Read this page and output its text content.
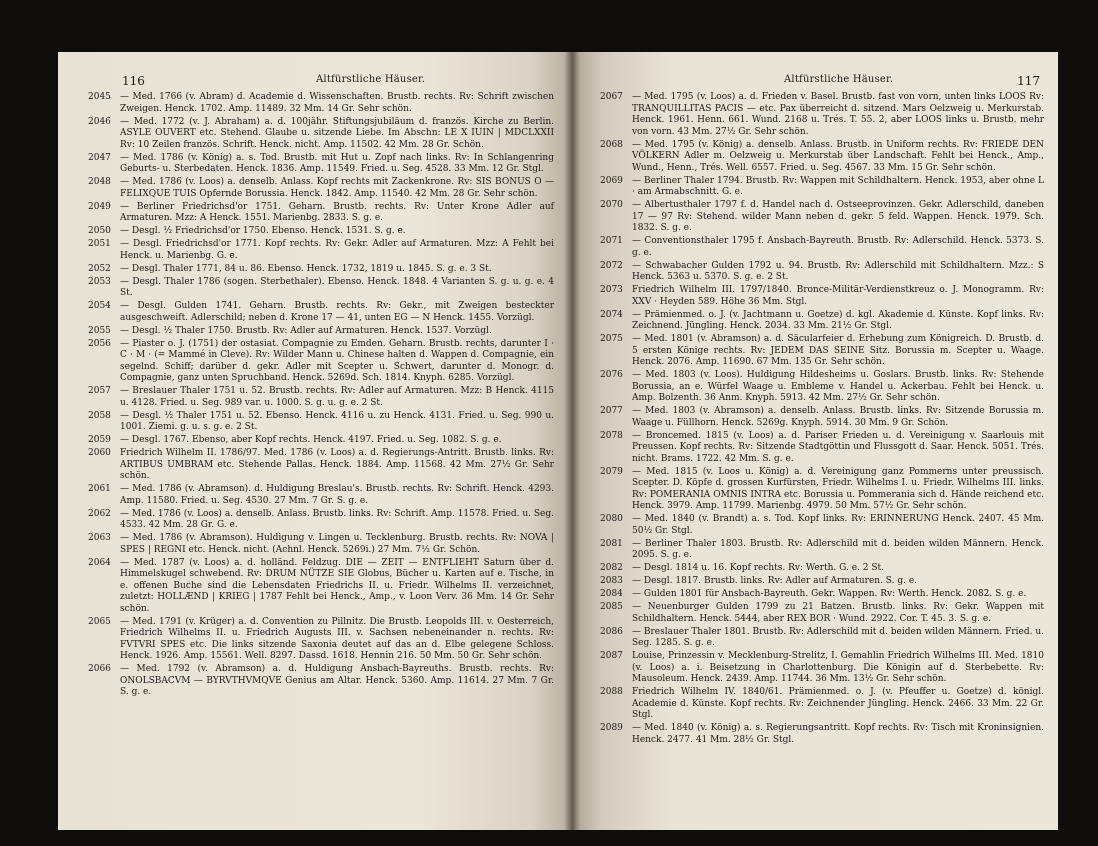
116	Altfürstliche Häuser.
2045 — Med. 1766 (v. Abram) d. Academie d. Wissenschaften. Brustb. rechts. Rv: Schrift zwischen Zweigen. Henck. 1702. Amp. 11489. 32 Mm. 14 Gr. Sehr schön.
2046 — Med. 1772 (v. J. Abraham) a. d. 100jähr. Stiftungsjubiläum d. französ. Kirche zu Berlin. ASYLE OUVERT etc. Stehend. Glaube u. sitzende Liebe. Im Abschn: LE X IUIN | MDCLXXII Rv: 10 Zeilen französ. Schrift. Henck. nicht. Amp. 11502. 42 Mm. 28 Gr. Schön.
2047 — Med. 1786 (v. König) a. s. Tod. Brustb. mit Hut u. Zopf nach links. Rv: In Schlangenring Geburts- u. Sterbedaten. Henck. 1836. Amp. 11549. Fried. u. Seg. 4528. 33 Mm. 12 Gr. Stgl.
2048 — Med. 1786 (v. Loos) a. denselb. Anlass. Kopf rechts mit Zackenkrone. Rv: SIS BONUS O — FELIXQUE TUIS Opfernde Borussia. Henck. 1842. Amp. 11540. 42 Mm. 28 Gr. Sehr schön.
2049 — Berliner Friedrichsd'or 1751. Geharn. Brustb. rechts. Rv: Unter Krone Adler auf Armaturen. Mzz: A Henck. 1551. Marienbg. 2833. S. g. e.
2050 — Desgl. ½ Friedrichsd'or 1750. Ebenso. Henck. 1531. S. g. e.
2051 — Desgl. Friedrichsd'or 1771. Kopf rechts. Rv: Gekr. Adler auf Armaturen. Mzz: A Fehlt bei Henck. u. Marienbg. G. e.
2052 — Desgl. Thaler 1771, 84 u. 86. Ebenso. Henck. 1732, 1819 u. 1845. S. g. e. 3 St.
2053 — Desgl. Thaler 1786 (sogen. Sterbethaler). Ebenso. Henck. 1848. 4 Varianten S. g. u. g. e. 4 St.
2054 — Desgl. Gulden 1741. Geharn. Brustb. rechts. Rv: Gekr., mit Zweigen besteckter ausgeschweift. Adlerschild; neben d. Krone 17 — 41, unten EG — N Henck. 1455. Vorzügl.
2055 — Desgl. ½ Thaler 1750. Brustb. Rv: Adler auf Armaturen. Henck. 1537. Vorzügl.
2056 — Piaster o. J. (1751) der ostasiat. Compagnie zu Emden. Geharn. Brustb. rechts, darunter I · C · M · (= Mammé in Cleve). Rv: Wilder Mann u. Chinese halten d. Wappen d. Compagnie, ein segelnd. Schiff; darüber d. gekr. Adler mit Scepter u. Schwert, darunter d. Monogr. d. Compagnie, ganz unten Spruchband. Henck. 5269d. Sch. 1814. Knyph. 6285. Vorzügl.
2057 — Breslauer Thaler 1751 u. 52. Brustb. rechts. Rv: Adler auf Armaturen. Mzz: B Henck. 4115 u. 4128. Fried. u. Seg. 989 var. u. 1000. S. g. u. g. e. 2 St.
2058 — Desgl. ½ Thaler 1751 u. 52. Ebenso. Henck. 4116 u. zu Henck. 4131. Fried. u. Seg. 990 u. 1001. Ziemi. g. u. s. g. e. 2 St.
2059 — Desgl. 1767. Ebenso, aber Kopf rechts. Henck. 4197. Fried. u. Seg. 1082. S. g. e.
2060 Friedrich Wilhelm II. 1786/97. Med. 1786 (v. Loos) a. d. Regierungs-Antritt. Brustb. links. Rv: ARTIBUS UMBRAM etc. Stehende Pallas. Henck. 1884. Amp. 11568. 42 Mm. 27½ Gr. Sehr schön.
2061 — Med. 1786 (v. Abramson). d. Huldigung Breslau's. Brustb. rechts. Rv: Schrift. Henck. 4293. Amp. 11580. Fried. u. Seg. 4530. 27 Mm. 7 Gr. S. g. e.
2062 — Med. 1786 (v. Loos) a. denselb. Anlass. Brustb. links. Rv: Schrift. Amp. 11578. Fried. u. Seg. 4533. 42 Mm. 28 Gr. G. e.
2063 — Med. 1786 (v. Abramson). Huldigung v. Lingen u. Tecklenburg. Brustb. rechts. Rv: NOVA | SPES | REGNI etc. Henck. nicht. (Achnl. Henck. 5269i.) 27 Mm. 7½ Gr. Schön.
2064 — Med. 1787 (v. Loos) a. d. holländ. Feldzug. DIE — ZEIT — ENTFLIEHT Saturn über d. Himmelskugel schwebend. Rv: DRUM NÜTZE SIE Globus, Bücher u. Karten auf e. Tische, in e. offenen Buche sind die Lebensdaten Friedrichs II. u. Friedr. Wilhelms II. verzeichnet, zuletzt: HOLLÆND | KRIEG | 1787 Fehlt bei Henck., Amp., v. Loon Verv. 36 Mm. 14 Gr. Sehr schön.
2065 — Med. 1791 (v. Krüger) a. d. Convention zu Pillnitz. Die Brustb. Leopolds III. v. Oesterreich, Friedrich Wilhelms II. u. Friedrich Augusts III. v. Sachsen nebeneinander n. rechts. Rv: FVTVRI SPES etc. Die links sitzende Saxonia deutet auf das an d. Elbe gelegene Schloss. Henck. 1926. Amp. 15561. Well. 8297. Dassd. 1618. Hennin 216. 50 Mm. 50 Gr. Sehr schön.
2066 — Med. 1792 (v. Abramson) a. d. Huldigung Ansbach-Bayreuths. Brustb. rechts. Rv: ONOLSBACVM — BYRVTHVMQVE Genius am Altar. Henck. 5360. Amp. 11614. 27 Mm. 7 Gr. S. g. e.
Altfürstliche Häuser.	117
2067 — Med. 1795 (v. Loos) a. d. Frieden v. Basel. Brustb. fast von vorn, unten links LOOS Rv: TRANQUILLITAS PACIS — etc. Pax überreicht d. sitzend. Mars Oelzweig u. Merkurstab. Henck. 1961. Henn. 661. Wund. 2168 u. Trés. T. 55. 2, aber LOOS links u. Brustb. mehr von vorn. 43 Mm. 27½ Gr. Sehr schön.
2068 — Med. 1795 (v. König) a. denselb. Anlass. Brustb. in Uniform rechts. Rv: FRIEDE DEN VÖLKERN Adler m. Oelzweig u. Merkurstab über Landschaft. Fehlt bei Henck., Amp., Wund., Henn., Trés. Well. 6557. Fried. u. Seg. 4567. 33 Mm. 15 Gr. Sehr schön.
2069 — Berliner Thaler 1794. Brustb. Rv: Wappen mit Schildhaltern. Henck. 1953, aber ohne L · am Armabschnitt. G. e.
2070 — Albertusthaler 1797 f. d. Handel nach d. Ostseeprovinzen. Gekr. Adlerschild, daneben 17 — 97 Rv: Stehend. wilder Mann neben d. gekr. 5 feld. Wappen. Henck. 1979. Sch. 1832. S. g. e.
2071 — Conventionsthaler 1795 f. Ansbach-Bayreuth. Brustb. Rv: Adlerschild. Henck. 5373. S. g. e.
2072 — Schwabacher Gulden 1792 u. 94. Brustb. Rv: Adlerschild mit Schildhaltern. Mzz.: S Henck. 5363 u. 5370. S. g. e. 2 St.
2073 Friedrich Wilhelm III. 1797/1840. Bronce-Militär-Verdienstkreuz o. J. Monogramm. Rv: XXV · Heyden 589. Höhe 36 Mm. Stgl.
2074 — Prämienmed. o. J. (v. Jachtmann u. Goetze) d. kgl. Akademie d. Künste. Kopf links. Rv: Zeichnend. Jüngling. Henck. 2034. 33 Mm. 21½ Gr. Stgl.
2075 — Med. 1801 (v. Abramson) a. d. Säcularfeier d. Erhebung zum Königreich. D. Brustb. d. 5 ersten Könige rechts. Rv: JEDEM DAS SEINE Sitz. Borussia m. Scepter u. Waage. Henck. 2076. Amp. 11690. 67 Mm. 135 Gr. Sehr schön.
2076 — Med. 1803 (v. Loos). Huldigung Hildesheims u. Goslars. Brustb. links. Rv: Stehende Borussia, an e. Würfel Waage u. Embleme v. Handel u. Ackerbau. Fehlt bei Henck. u. Amp. Bolzenth. 36 Anm. Knyph. 5913. 42 Mm. 27½ Gr. Sehr schön.
2077 — Med. 1803 (v. Abramson) a. denselb. Anlass. Brustb. links. Rv: Sitzende Borussia m. Waage u. Füllhorn. Henck. 5269g. Knyph. 5914. 30 Mm. 9 Gr. Schön.
2078 — Broncemed. 1815 (v. Loos) a. d. Pariser Frieden u. d. Vereinigung v. Saarlouis mit Preussen. Kopf rechts. Rv: Sitzende Stadtgöttin und Flussgott d. Saar. Henck. 5051. Trés. nicht. Brams. 1722. 42 Mm. S. g. e.
2079 — Med. 1815 (v. Loos u. König) a. d. Vereinigung ganz Pommerns unter preussisch. Scepter. D. Köpfe d. grossen Kurfürsten, Friedr. Wilhelms I. u. Friedr. Wilhelms III. links. Rv: POMERANIA OMNIS INTRA etc. Borussia u. Pommerania sich d. Hände reichend etc. Henck. 3979. Amp. 11799. Marienbg. 4979. 50 Mm. 57½ Gr. Sehr schön.
2080 — Med. 1840 (v. Brandt) a. s. Tod. Kopf links. Rv: ERINNERUNG Henck. 2407. 45 Mm. 50½ Gr. Stgl.
2081 — Berliner Thaler 1803. Brustb. Rv: Adlerschild mit d. beiden wilden Männern. Henck. 2095. S. g. e.
2082 — Desgl. 1814 u. 16. Kopf rechts. Rv: Werth. G. e. 2 St.
2083 — Desgl. 1817. Brustb. links. Rv: Adler auf Armaturen. S. g. e.
2084 — Gulden 1801 für Ansbach-Bayreuth. Gekr. Wappen. Rv: Werth. Henck. 2082. S. g. e.
2085 — Neuenburger Gulden 1799 zu 21 Batzen. Brustb. links. Rv: Gekr. Wappen mit Schildhaltern. Henck. 5444, aber REX BOR · Wund. 2922. Cor. T. 45. 3. S. g. e.
2086 — Breslauer Thaler 1801. Brustb. Rv: Adlerschild mit d. beiden wilden Männern. Fried. u. Seg. 1285. S. g. e.
2087 Louise, Prinzessin v. Mecklenburg-Strelitz, I. Gemahlin Friedrich Wilhelms III. Med. 1810 (v. Loos) a. i. Beisetzung in Charlottenburg. Die Königin auf d. Sterbebette. Rv: Mausoleum. Henck. 2439. Amp. 11744. 36 Mm. 13½ Gr. Sehr schön.
2088 Friedrich Wilhelm IV. 1840/61. Prämienmed. o. J. (v. Pfeuffer u. Goetze) d. königl. Academie d. Künste. Kopf rechts. Rv: Zeichnender Jüngling. Henck. 2466. 33 Mm. 22 Gr. Stgl.
2089 — Med. 1840 (v. König) a. s. Regierungsantritt. Kopf rechts. Rv: Tisch mit Kroninsignien. Henck. 2477. 41 Mm. 28½ Gr. Stgl.
